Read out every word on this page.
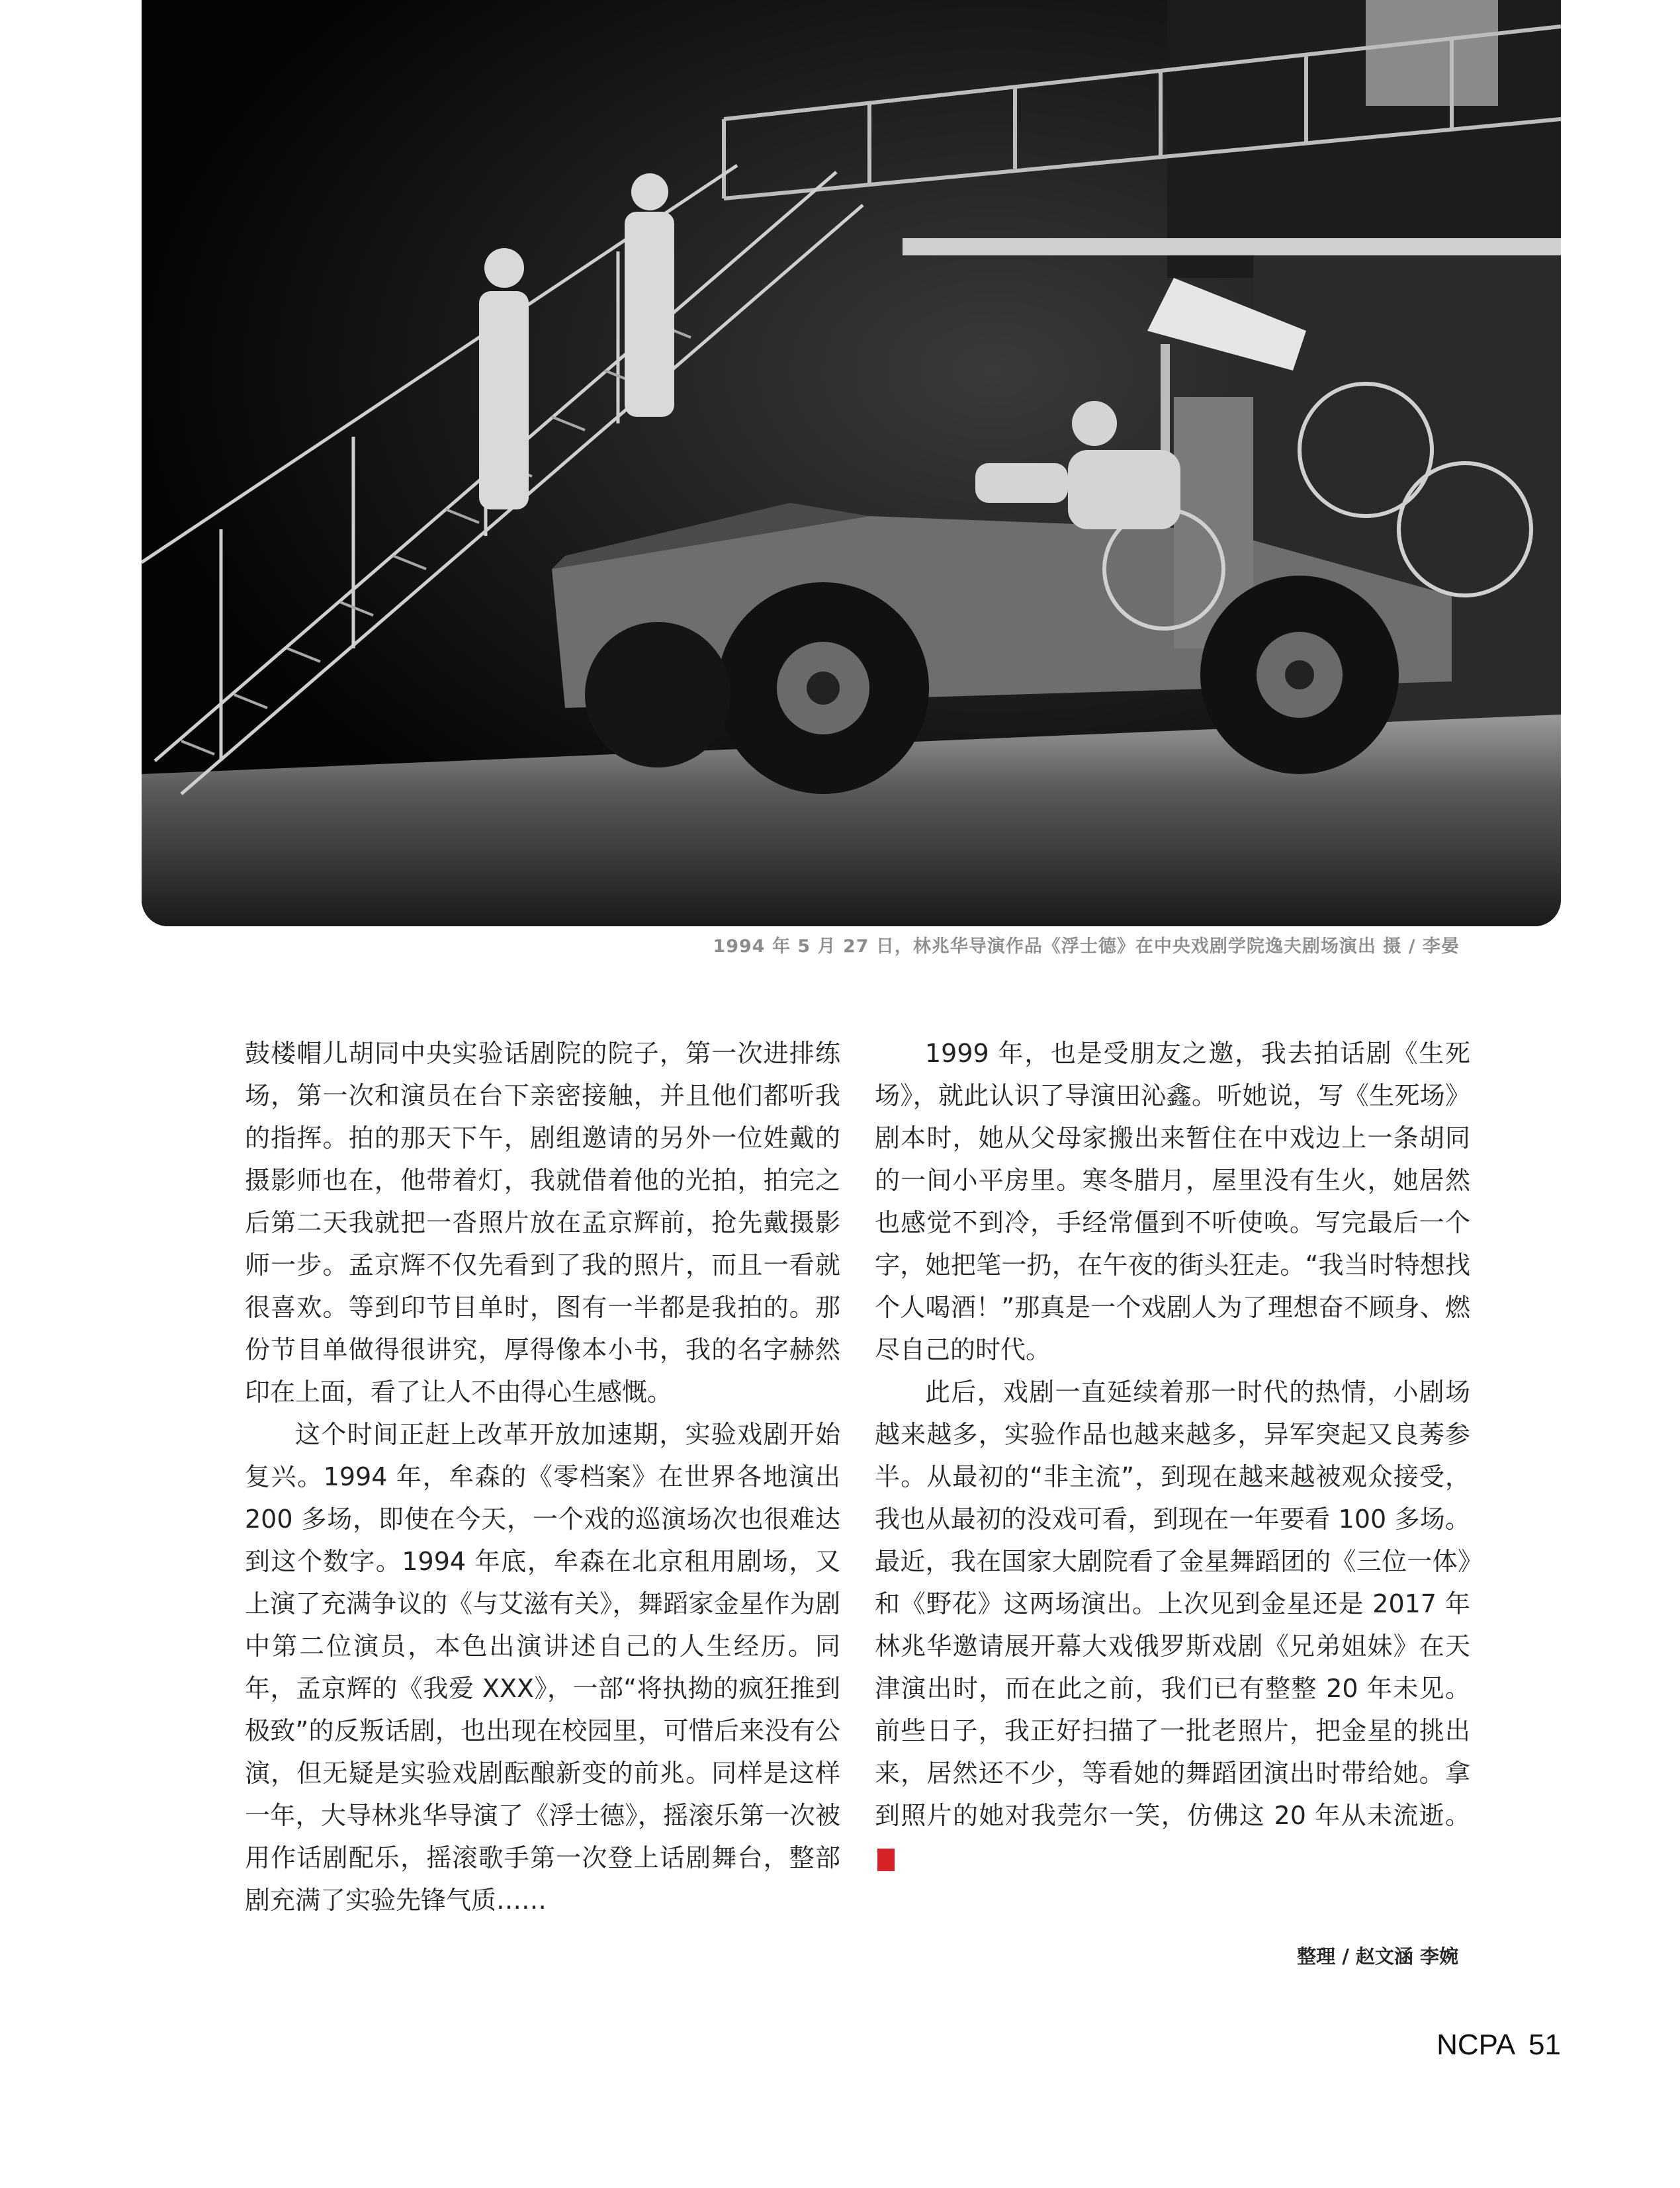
1994 年 5 月 27 日，林兆华导演作品《浮士德》在中央戏剧学院逸夫剧场演出 摄 / 李晏

鼓楼帽儿胡同中央实验话剧院的院子，第一次进排练场，第一次和演员在台下亲密接触，并且他们都听我的指挥。拍的那天下午，剧组邀请的另外一位姓戴的摄影师也在，他带着灯，我就借着他的光拍，拍完之后第二天我就把一沓照片放在孟京辉前，抢先戴摄影师一步。孟京辉不仅先看到了我的照片，而且一看就很喜欢。等到印节目单时，图有一半都是我拍的。那份节目单做得很讲究，厚得像本小书，我的名字赫然印在上面，看了让人不由得心生感慨。

这个时间正赶上改革开放加速期，实验戏剧开始复兴。1994 年，牟森的《零档案》在世界各地演出 200 多场，即使在今天，一个戏的巡演场次也很难达到这个数字。1994 年底，牟森在北京租用剧场，又上演了充满争议的《与艾滋有关》，舞蹈家金星作为剧中第二位演员，本色出演讲述自己的人生经历。同年，孟京辉的《我爱 XXX》，一部“将执拗的疯狂推到极致”的反叛话剧，也出现在校园里，可惜后来没有公演，但无疑是实验戏剧酝酿新变的前兆。同样是这样一年，大导林兆华导演了《浮士德》，摇滚乐第一次被用作话剧配乐，摇滚歌手第一次登上话剧舞台，整部剧充满了实验先锋气质……

1999 年，也是受朋友之邀，我去拍话剧《生死场》，就此认识了导演田沁鑫。听她说，写《生死场》剧本时，她从父母家搬出来暂住在中戏边上一条胡同的一间小平房里。寒冬腊月，屋里没有生火，她居然也感觉不到冷，手经常僵到不听使唤。写完最后一个字，她把笔一扔，在午夜的街头狂走。“我当时特想找个人喝酒！”那真是一个戏剧人为了理想奋不顾身、燃尽自己的时代。

此后，戏剧一直延续着那一时代的热情，小剧场越来越多，实验作品也越来越多，异军突起又良莠参半。从最初的“非主流”，到现在越来越被观众接受，我也从最初的没戏可看，到现在一年要看 100 多场。最近，我在国家大剧院看了金星舞蹈团的《三位一体》和《野花》这两场演出。上次见到金星还是 2017 年林兆华邀请展开幕大戏俄罗斯戏剧《兄弟姐妹》在天津演出时，而在此之前，我们已有整整 20 年未见。前些日子，我正好扫描了一批老照片，把金星的挑出来，居然还不少，等看她的舞蹈团演出时带给她。拿到照片的她对我莞尔一笑，仿佛这 20 年从未流逝。NCPA

整理 / 赵文涵 李婉
NCPA 51
